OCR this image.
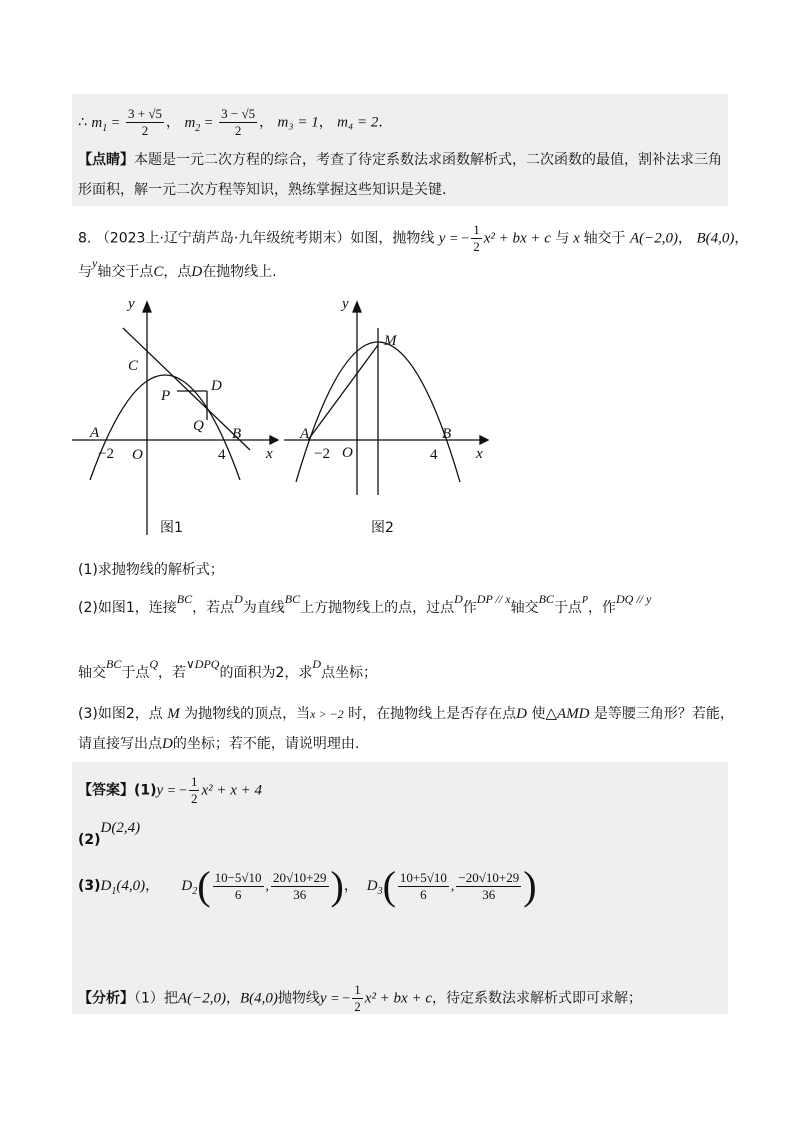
∴ $m_1 = \frac{3 + √5}{2}$ ， $m_2 = \frac{3 - √5}{2}$ ， m₃ = 1， m₄ = 2．
【点睛】本题是一元二次方程的综合，考查了待定系数法求函数解析式，二次函数的最值，割补法求三角
形面积，解一元二次方程等知识，熟练掌握这些知识是关键.
8. （2023上·辽宁葫芦岛·九年级统考期末）如图，抛物线 y = − $\frac{1}{2} x^2$ + bx + c 与 x 轴交于 A(−2,0)， B(4,0)，
与y轴交于点C，点D在抛物线上.
y
x
C
P
D
Q B
A
O
−2	4
图1
y
x
M
A	B
O
−2	4
图2
(1)求抛物线的解析式；
(2)如图1，连接BC，若点D为直线BC上方抛物线上的点，过点D作DP // x轴交BC于点$^P$，作DQ // y
轴交BC于点Q，若∨DPQ的面积为2，求D点坐标；
(3)如图2，点 M 为抛物线的顶点，当x > −2 时，在抛物线上是否存在点D 使△AMD 是等腰三角形？若能，
请直接写出点D的坐标；若不能，请说明理由.
【答案】(1)y = − $\frac{1}{2} x^2 + x + 4$
(2)D(2,4)
$(3)D_1(4,0)$， $D_2( \frac{10-5√10}{6}$ , $\frac{20√10+29}{36}$ )， $D_3( \frac{10+5√10}{6}$ , $\frac{-20√10+29}{36}$ )
【分析】（1）把A(−2,0)，B(4,0)抛物线y = − $\frac{1}{2} x^2$ + bx + c，待定系数法求解析式即可求解；
